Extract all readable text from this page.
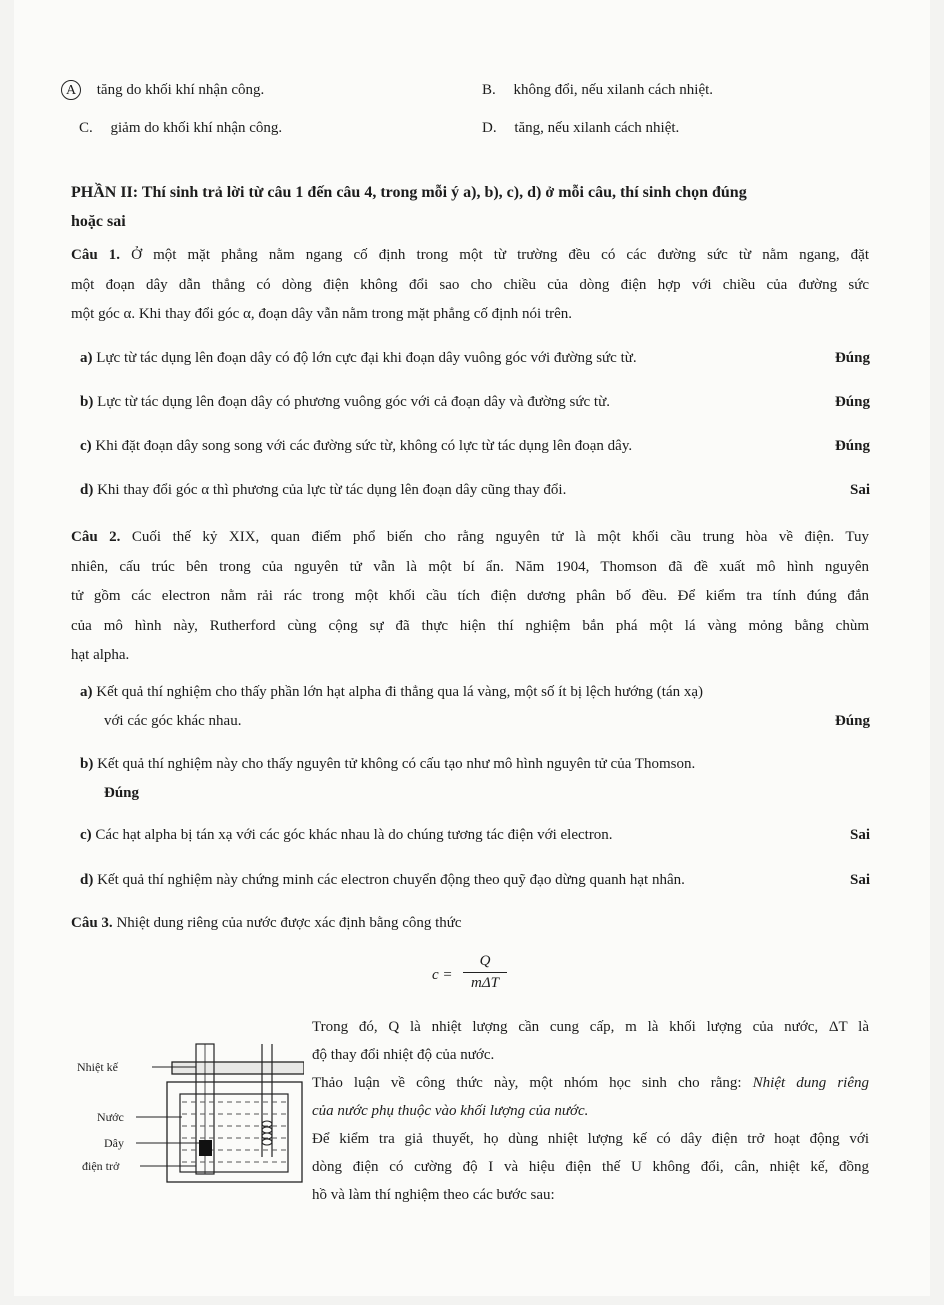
A tăng do khối khí nhận công.	B. không đổi, nếu xilanh cách nhiệt.
C. giảm do khối khí nhận công.	D. tăng, nếu xilanh cách nhiệt.
PHẦN II: Thí sinh trả lời từ câu 1 đến câu 4, trong mỗi ý a), b), c), d) ở mỗi câu, thí sinh chọn đúng
hoặc sai
Câu 1. Ở một mặt phẳng nằm ngang cố định trong một từ trường đều có các đường sức từ nằm ngang, đặt
một đoạn dây dẫn thẳng có dòng điện không đổi sao cho chiều của dòng điện hợp với chiều của đường sức
một góc α. Khi thay đổi góc α, đoạn dây vẫn nằm trong mặt phẳng cố định nói trên.
a) Lực từ tác dụng lên đoạn dây có độ lớn cực đại khi đoạn dây vuông góc với đường sức từ.	Đúng
b) Lực từ tác dụng lên đoạn dây có phương vuông góc với cả đoạn dây và đường sức từ.	Đúng
c) Khi đặt đoạn dây song song với các đường sức từ, không có lực từ tác dụng lên đoạn dây.	Đúng
d) Khi thay đổi góc α thì phương của lực từ tác dụng lên đoạn dây cũng thay đổi.	Sai
Câu 2. Cuối thế kỷ XIX, quan điểm phổ biến cho rằng nguyên tử là một khối cầu trung hòa về điện. Tuy
nhiên, cấu trúc bên trong của nguyên tử vẫn là một bí ẩn. Năm 1904, Thomson đã đề xuất mô hình nguyên
tử gồm các electron nằm rải rác trong một khối cầu tích điện dương phân bố đều. Để kiểm tra tính đúng đắn
của mô hình này, Rutherford cùng cộng sự đã thực hiện thí nghiệm bắn phá một lá vàng mỏng bằng chùm
hạt alpha.
a) Kết quả thí nghiệm cho thấy phần lớn hạt alpha đi thẳng qua lá vàng, một số ít bị lệch hướng (tán xạ)
với các góc khác nhau.	Đúng
b) Kết quả thí nghiệm này cho thấy nguyên tử không có cấu tạo như mô hình nguyên tử của Thomson.
Đúng
c) Các hạt alpha bị tán xạ với các góc khác nhau là do chúng tương tác điện với electron.	Sai
d) Kết quả thí nghiệm này chứng minh các electron chuyển động theo quỹ đạo dừng quanh hạt nhân.	Sai
Câu 3. Nhiệt dung riêng của nước được xác định bằng công thức
c =
Q
mΔT
Nhiệt kế
Nước
Dây
điện trở
Trong đó, Q là nhiệt lượng cần cung cấp, m là khối lượng của nước, ΔT là
độ thay đổi nhiệt độ của nước.
Thảo luận về công thức này, một nhóm học sinh cho rằng: Nhiệt dung riêng
của nước phụ thuộc vào khối lượng của nước.
Để kiểm tra giả thuyết, họ dùng nhiệt lượng kế có dây điện trở hoạt động với
dòng điện có cường độ I và hiệu điện thế U không đổi, cân, nhiệt kế, đồng
hồ và làm thí nghiệm theo các bước sau:
